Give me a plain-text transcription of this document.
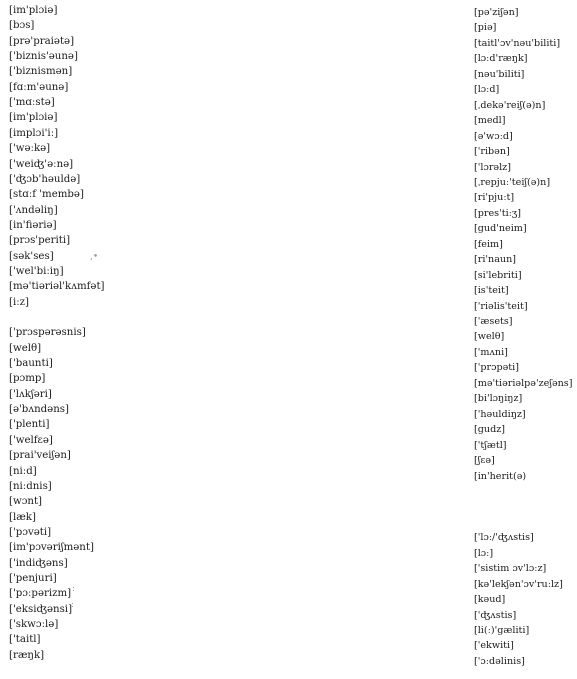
[im'plɔiə]
[bɔs]
[prə'praiətə]
['biznis'əunə]
['biznismən]
[fɑːm'əunə]
['mɑːstə]
[im'plɔiə]
[implɔi'iː]
['wəːkə]
['weiʤ'əːnə]
['ʤɔb'həuldə]
[stɑːf 'membə]
['ʌndəliŋ]
[in'fiəriə]
[prɔs'periti]
[sək'ses]
['wel'biːiŋ]
[mə'tiəriəl'kʌmfət]
[iːz]
['prɔspərəsnis]
[welθ]
['baunti]
[pɔmp]
['lʌkʃəri]
[ə'bʌndəns]
['plenti]
['welfεə]
[prai'veiʃən]
[niːd]
[niːdnis]
[wɔnt]
[læk]
['pɔvəti]
[im'pɔvəriʃmənt]
['indiʤəns]
['penjuri]
['pɔːpərizm]
['eksiʤənsi]
['skwɔːlə]
['taitl]
[ræŋk]
[pə'ziʃən]
[piə]
[taitl'ɔv'nəu'biliti]
[lɔːd'ræŋk]
[nəu'biliti]
[lɔːd]
[ˌdekə'reiʃ(ə)n]
[medl]
[ə'wɔːd]
['ribən]
['lɔrəlz]
[ˌrepjuː'teiʃ(ə)n]
[ri'pjuːt]
[pres'tiːʒ]
[gud'neim]
[feim]
[ri'naun]
[si'lebriti]
[is'teit]
['riəlis'teit]
['æsets]
[welθ]
['mʌni]
['prɔpəti]
[mə'tiəriəlpə'zeʃəns]
[bi'lɔŋiŋz]
['həuldiŋz]
[gudz]
['tʃætl]
[ʃεə]
[in'herit(ə)
['lɔː/'ʤʌstis]
[lɔː]
['sistim ɔv'lɔːz]
[kə'lekʃən'ɔv'ruːlz]
[kəud]
['ʤʌstis]
[li(ː)'gæliti]
['ekwiti]
['ɔːdəlinis]
,•
:
:
